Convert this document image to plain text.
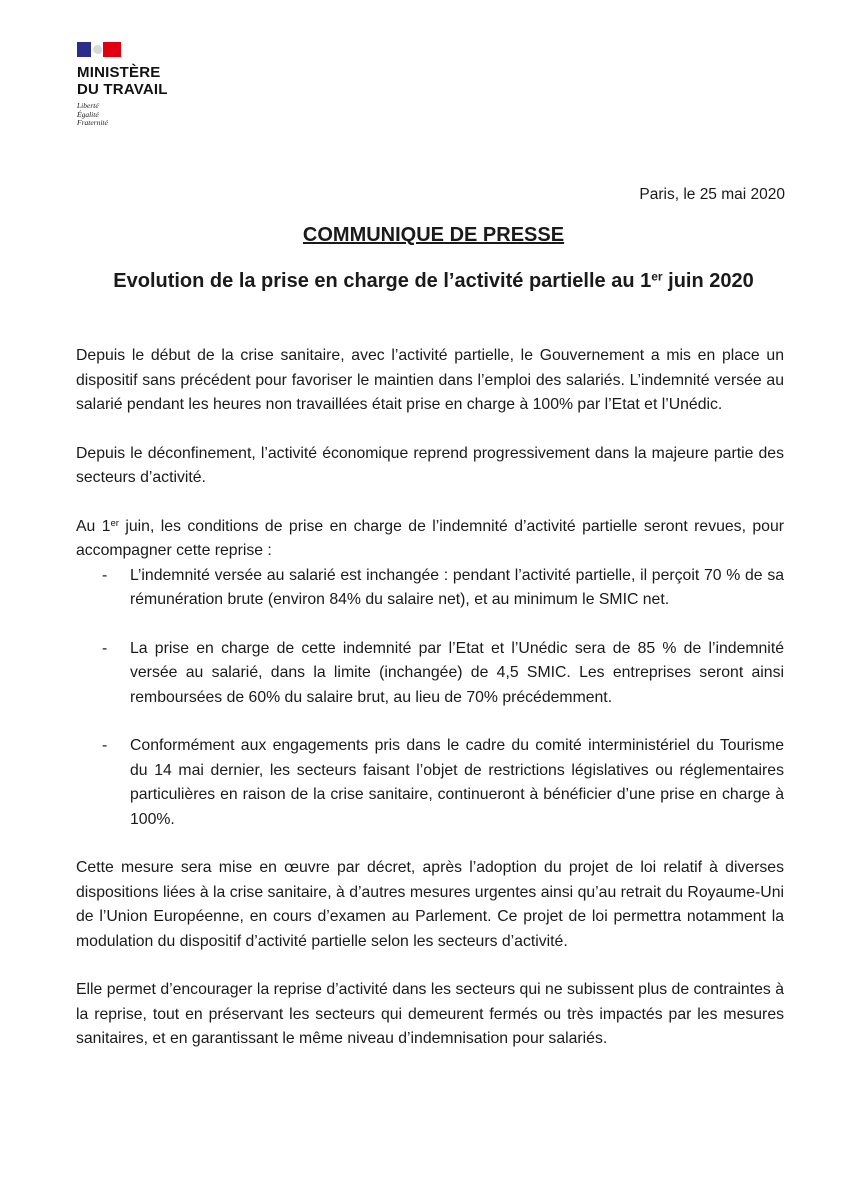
MINISTÈRE
DU TRAVAIL
Liberté
Égalité
Fraternité
Paris, le 25 mai 2020
COMMUNIQUE DE PRESSE
Evolution de la prise en charge de l’activité partielle au 1er juin 2020

Depuis le début de la crise sanitaire, avec l’activité partielle, le Gouvernement a mis en place un dispositif sans précédent pour favoriser le maintien dans l’emploi des salariés. L’indemnité versée au salarié pendant les heures non travaillées était prise en charge à 100% par l’Etat et l’Unédic.

Depuis le déconfinement, l’activité économique reprend progressivement dans la majeure partie des secteurs d’activité.

Au 1er juin, les conditions de prise en charge de l’indemnité d’activité partielle seront revues, pour accompagner cette reprise :

- L’indemnité versée au salarié est inchangée : pendant l’activité partielle, il perçoit 70 % de sa rémunération brute (environ 84% du salaire net), et au minimum le SMIC net.
- La prise en charge de cette indemnité par l’Etat et l’Unédic sera de 85 % de l’indemnité versée au salarié, dans la limite (inchangée) de 4,5 SMIC. Les entreprises seront ainsi remboursées de 60% du salaire brut, au lieu de 70% précédemment.
- Conformément aux engagements pris dans le cadre du comité interministériel du Tourisme du 14 mai dernier, les secteurs faisant l’objet de restrictions législatives ou réglementaires particulières en raison de la crise sanitaire, continueront à bénéficier d’une prise en charge à 100%.

Cette mesure sera mise en œuvre par décret, après l’adoption du projet de loi relatif à diverses dispositions liées à la crise sanitaire, à d’autres mesures urgentes ainsi qu’au retrait du Royaume-Uni de l’Union Européenne, en cours d’examen au Parlement. Ce projet de loi permettra notamment la modulation du dispositif d’activité partielle selon les secteurs d’activité.

Elle permet d’encourager la reprise d’activité dans les secteurs qui ne subissent plus de contraintes à la reprise, tout en préservant les secteurs qui demeurent fermés ou très impactés par les mesures sanitaires, et en garantissant le même niveau d’indemnisation pour salariés.
